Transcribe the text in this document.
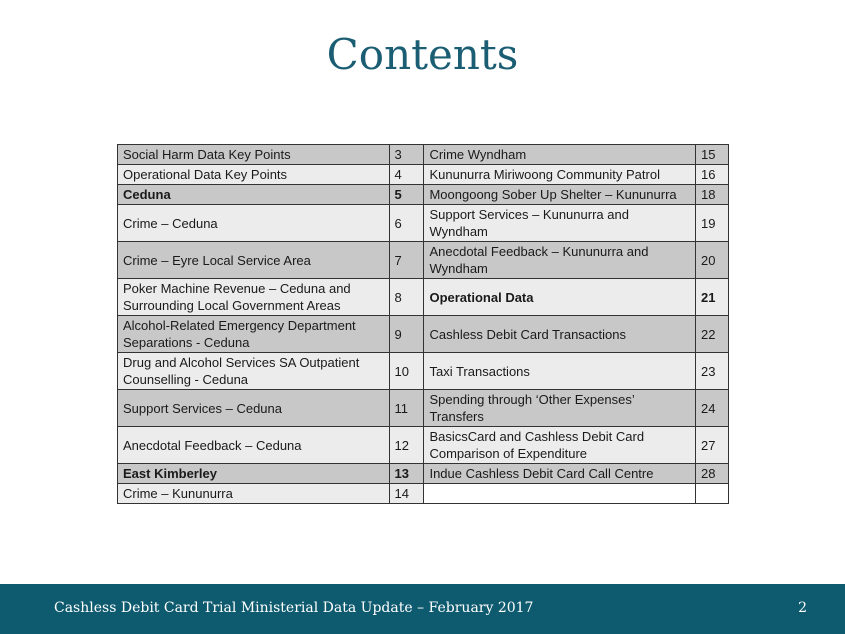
Contents
Social Harm Data Key Points	3	Crime Wyndham	15
Operational Data Key Points	4	Kununurra Miriwoong Community Patrol	16
Ceduna	5	Moongoong Sober Up Shelter – Kununurra	18
Crime – Ceduna	6	Support Services – Kununurra and Wyndham	19
Crime – Eyre Local Service Area	7	Anecdotal Feedback – Kununurra and Wyndham	20
Poker Machine Revenue – Ceduna and Surrounding Local Government Areas	8	Operational Data	21
Alcohol-Related Emergency Department Separations - Ceduna	9	Cashless Debit Card Transactions	22
Drug and Alcohol Services SA Outpatient Counselling - Ceduna	10	Taxi Transactions	23
Support Services – Ceduna	11	Spending through ‘Other Expenses’ Transfers	24
Anecdotal Feedback – Ceduna	12	BasicsCard and Cashless Debit Card Comparison of Expenditure	27
East Kimberley	13	Indue Cashless Debit Card Call Centre	28
Crime – Kununurra	14		
Cashless Debit Card Trial Ministerial Data Update – February 2017	2
